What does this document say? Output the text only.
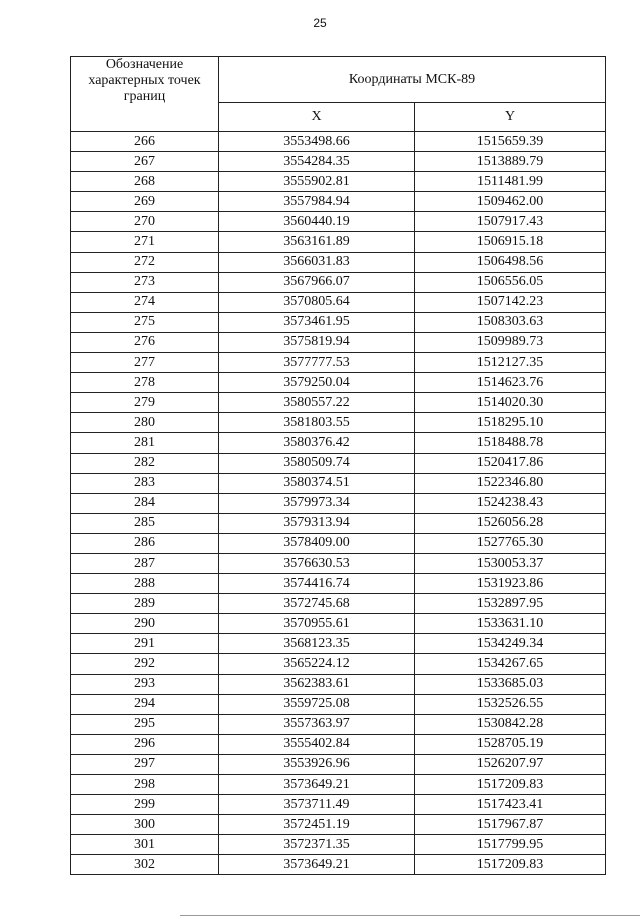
25
Обозначение характерных точек границ	Координаты МСК-89	
	X	Y
266	3553498.66	1515659.39
267	3554284.35	1513889.79
268	3555902.81	1511481.99
269	3557984.94	1509462.00
270	3560440.19	1507917.43
271	3563161.89	1506915.18
272	3566031.83	1506498.56
273	3567966.07	1506556.05
274	3570805.64	1507142.23
275	3573461.95	1508303.63
276	3575819.94	1509989.73
277	3577777.53	1512127.35
278	3579250.04	1514623.76
279	3580557.22	1514020.30
280	3581803.55	1518295.10
281	3580376.42	1518488.78
282	3580509.74	1520417.86
283	3580374.51	1522346.80
284	3579973.34	1524238.43
285	3579313.94	1526056.28
286	3578409.00	1527765.30
287	3576630.53	1530053.37
288	3574416.74	1531923.86
289	3572745.68	1532897.95
290	3570955.61	1533631.10
291	3568123.35	1534249.34
292	3565224.12	1534267.65
293	3562383.61	1533685.03
294	3559725.08	1532526.55
295	3557363.97	1530842.28
296	3555402.84	1528705.19
297	3553926.96	1526207.97
298	3573649.21	1517209.83
299	3573711.49	1517423.41
300	3572451.19	1517967.87
301	3572371.35	1517799.95
302	3573649.21	1517209.83
